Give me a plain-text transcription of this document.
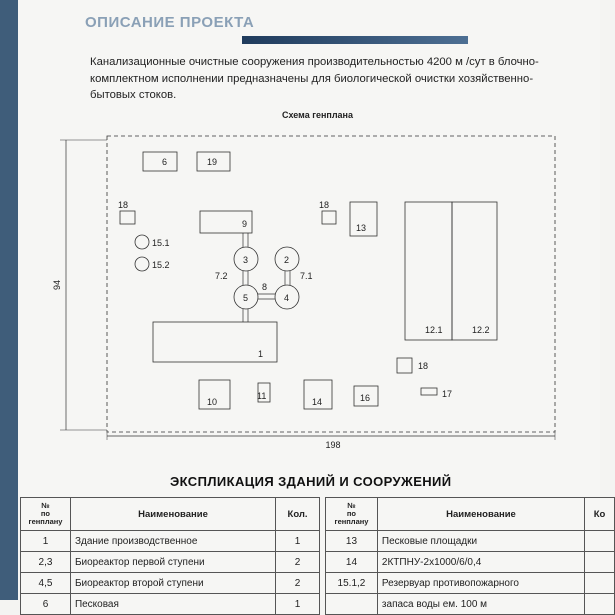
ОПИСАНИЕ ПРОЕКТА
Канализационные очистные сооружения производительностью 4200 м /сут в блочно-комплектном исполнении предназначены для биологической очистки хозяйственно-бытовых стоков.
Схема генплана
94
198
6	19
18
15.1
15.2
9
3	2
5	4
7.2	7.1
8
1
18
13
12.1	12.2
18
10
11
14	16	17
ЭКСПЛИКАЦИЯ ЗДАНИЙ И СООРУЖЕНИЙ
№
по
генплану	Наименование	Кол.
1	Здание производственное	1
2,3	Биореактор первой ступени	2
4,5	Биореактор второй ступени	2
6	Песковая	1
№
по
генплану	Наименование	Ко
13	Песковые площадки	
14	2КТПНУ-2х1000/6/0,4	
15.1,2	Резервуар противопожарного	
	запаса воды ем. 100 м	
